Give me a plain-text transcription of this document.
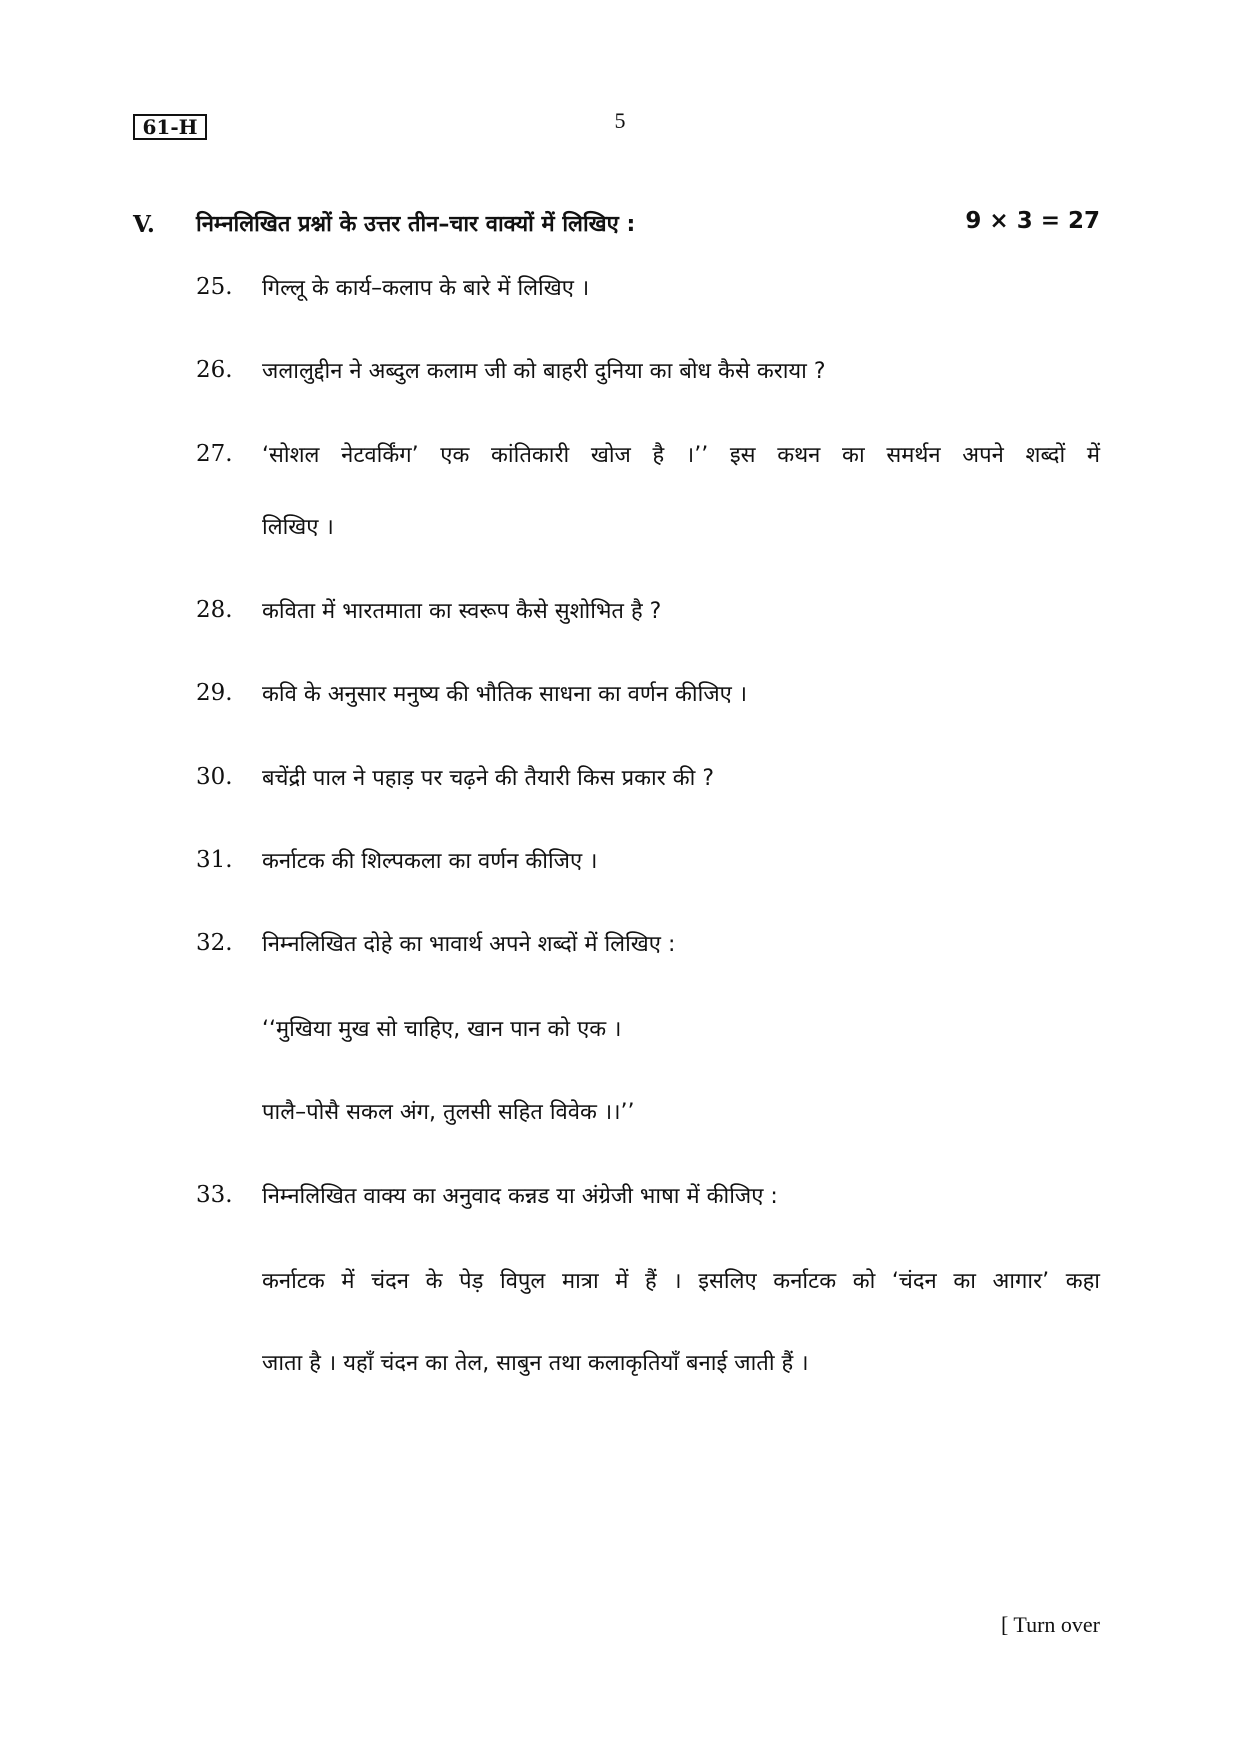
61-H	5
V. निम्नलिखित प्रश्नों के उत्तर तीन–चार वाक्यों में लिखिए :	9 × 3 = 27
25. गिल्लू के कार्य–कलाप के बारे में लिखिए ।
26. जलालुद्दीन ने अब्दुल कलाम जी को बाहरी दुनिया का बोध कैसे कराया ?
27. ‘सोशल नेटवर्किंग’ एक कांतिकारी खोज है ।’’ इस कथन का समर्थन अपने शब्दों में
लिखिए ।
28. कविता में भारतमाता का स्वरूप कैसे सुशोभित है ?
29. कवि के अनुसार मनुष्य की भौतिक साधना का वर्णन कीजिए ।
30. बचेंद्री पाल ने पहाड़ पर चढ़ने की तैयारी किस प्रकार की ?
31. कर्नाटक की शिल्पकला का वर्णन कीजिए ।
32. निम्नलिखित दोहे का भावार्थ अपने शब्दों में लिखिए :
‘‘मुखिया मुख सो चाहिए, खान पान को एक ।
पालै–पोसै सकल अंग, तुलसी सहित विवेक ।।’’
33. निम्नलिखित वाक्य का अनुवाद कन्नड या अंग्रेजी भाषा में कीजिए :
कर्नाटक में चंदन के पेड़ विपुल मात्रा में हैं । इसलिए कर्नाटक को ‘चंदन का आगार’ कहा
जाता है । यहाँ चंदन का तेल, साबुन तथा कलाकृतियाँ बनाई जाती हैं ।
[ Turn over
